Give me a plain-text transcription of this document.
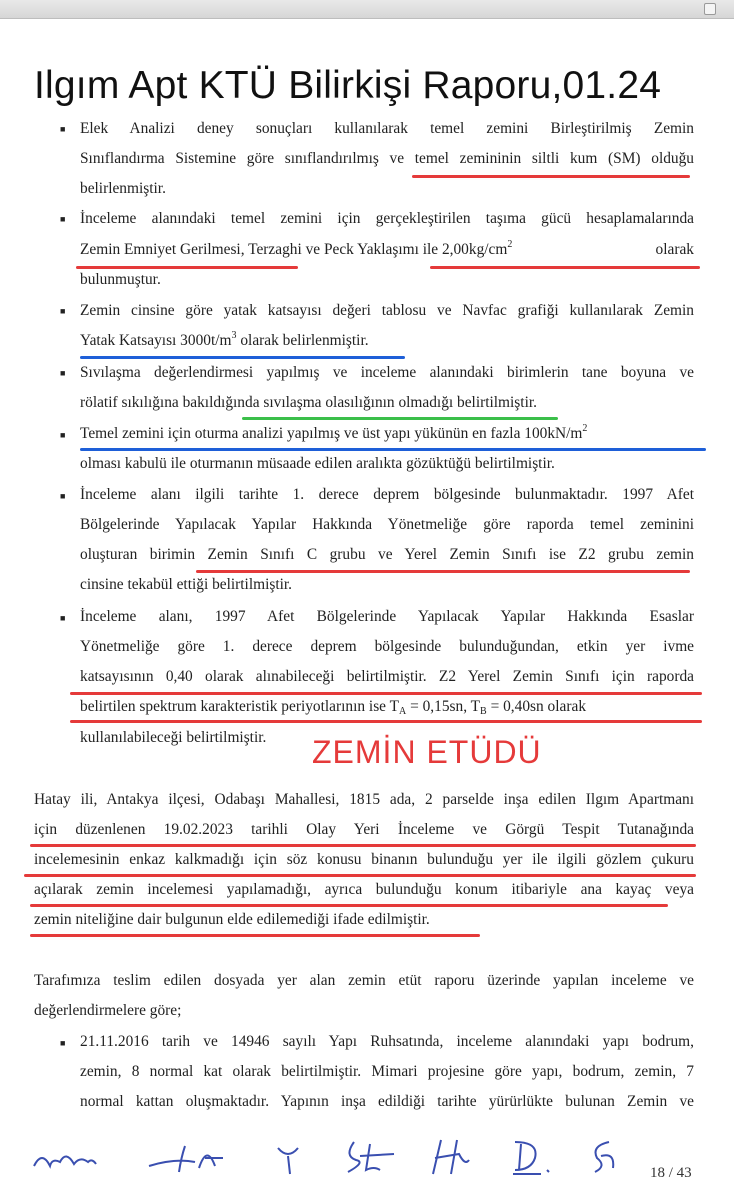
Ilgım Apt KTÜ Bilirkişi Raporu,01.24
■ Elek Analizi deney sonuçları kullanılarak temel zemini Birleştirilmiş Zemin
Sınıflandırma Sistemine göre sınıflandırılmış ve temel zemininin siltli kum (SM) olduğu
belirlenmiştir.
■ İnceleme alanındaki temel zemini için gerçekleştirilen taşıma gücü hesaplamalarında
Zemin Emniyet Gerilmesi, Terzaghi ve Peck Yaklaşımı ile $2,00kg/cm^2$	olarak
bulunmuştur.
■ Zemin cinsine göre yatak katsayısı değeri tablosu ve Navfac grafiği kullanılarak Zemin
Yatak Katsayısı $3000t/m^3$ olarak belirlenmiştir.
■ Sıvılaşma değerlendirmesi yapılmış ve inceleme alanındaki birimlerin tane boyuna ve
rölatif sıkılığına bakıldığında sıvılaşma olasılığının olmadığı belirtilmiştir.
■ Temel zemini için oturma analizi yapılmış ve üst yapı yükünün en fazla $100kN/m^2$
olması kabulü ile oturmanın müsaade edilen aralıkta gözüktüğü belirtilmiştir.
■ İnceleme alanı ilgili tarihte 1. derece deprem bölgesinde bulunmaktadır. 1997 Afet
Bölgelerinde Yapılacak Yapılar Hakkında Yönetmeliğe göre raporda temel zeminini
oluşturan birimin Zemin Sınıfı C grubu ve Yerel Zemin Sınıfı ise Z2 grubu zemin
cinsine tekabül ettiği belirtilmiştir.
■ İnceleme alanı, 1997 Afet Bölgelerinde Yapılacak Yapılar Hakkında Esaslar
Yönetmeliğe göre 1. derece deprem bölgesinde bulunduğundan, etkin yer ivme
katsayısının 0,40 olarak alınabileceği belirtilmiştir. Z2 Yerel Zemin Sınıfı için raporda
belirtilen spektrum karakteristik periyotlarının ise $T_A = 0,15sn$, $T_B = 0,40sn$ olarak
kullanılabileceği belirtilmiştir. ZEMİN ETÜDÜ
Hatay ili, Antakya ilçesi, Odabaşı Mahallesi, 1815 ada, 2 parselde inşa edilen Ilgım Apartmanı
için düzenlenen 19.02.2023 tarihli Olay Yeri İnceleme ve Görgü Tespit Tutanağında
incelemesinin enkaz kalkmadığı için söz konusu binanın bulunduğu yer ile ilgili gözlem çukuru
açılarak zemin incelemesi yapılamadığı, ayrıca bulunduğu konum itibariyle ana kayaç veya
zemin niteliğine dair bulgunun elde edilemediği ifade edilmiştir.
Tarafımıza teslim edilen dosyada yer alan zemin etüt raporu üzerinde yapılan inceleme ve
değerlendirmelere göre;
■ 21.11.2016 tarih ve 14946 sayılı Yapı Ruhsatında, inceleme alanındaki yapı bodrum,
zemin, 8 normal kat olarak belirtilmiştir. Mimari projesine göre yapı, bodrum, zemin, 7
normal kattan oluşmaktadır. Yapının inşa edildiği tarihte yürürlükte bulunan Zemin ve
18 / 43
